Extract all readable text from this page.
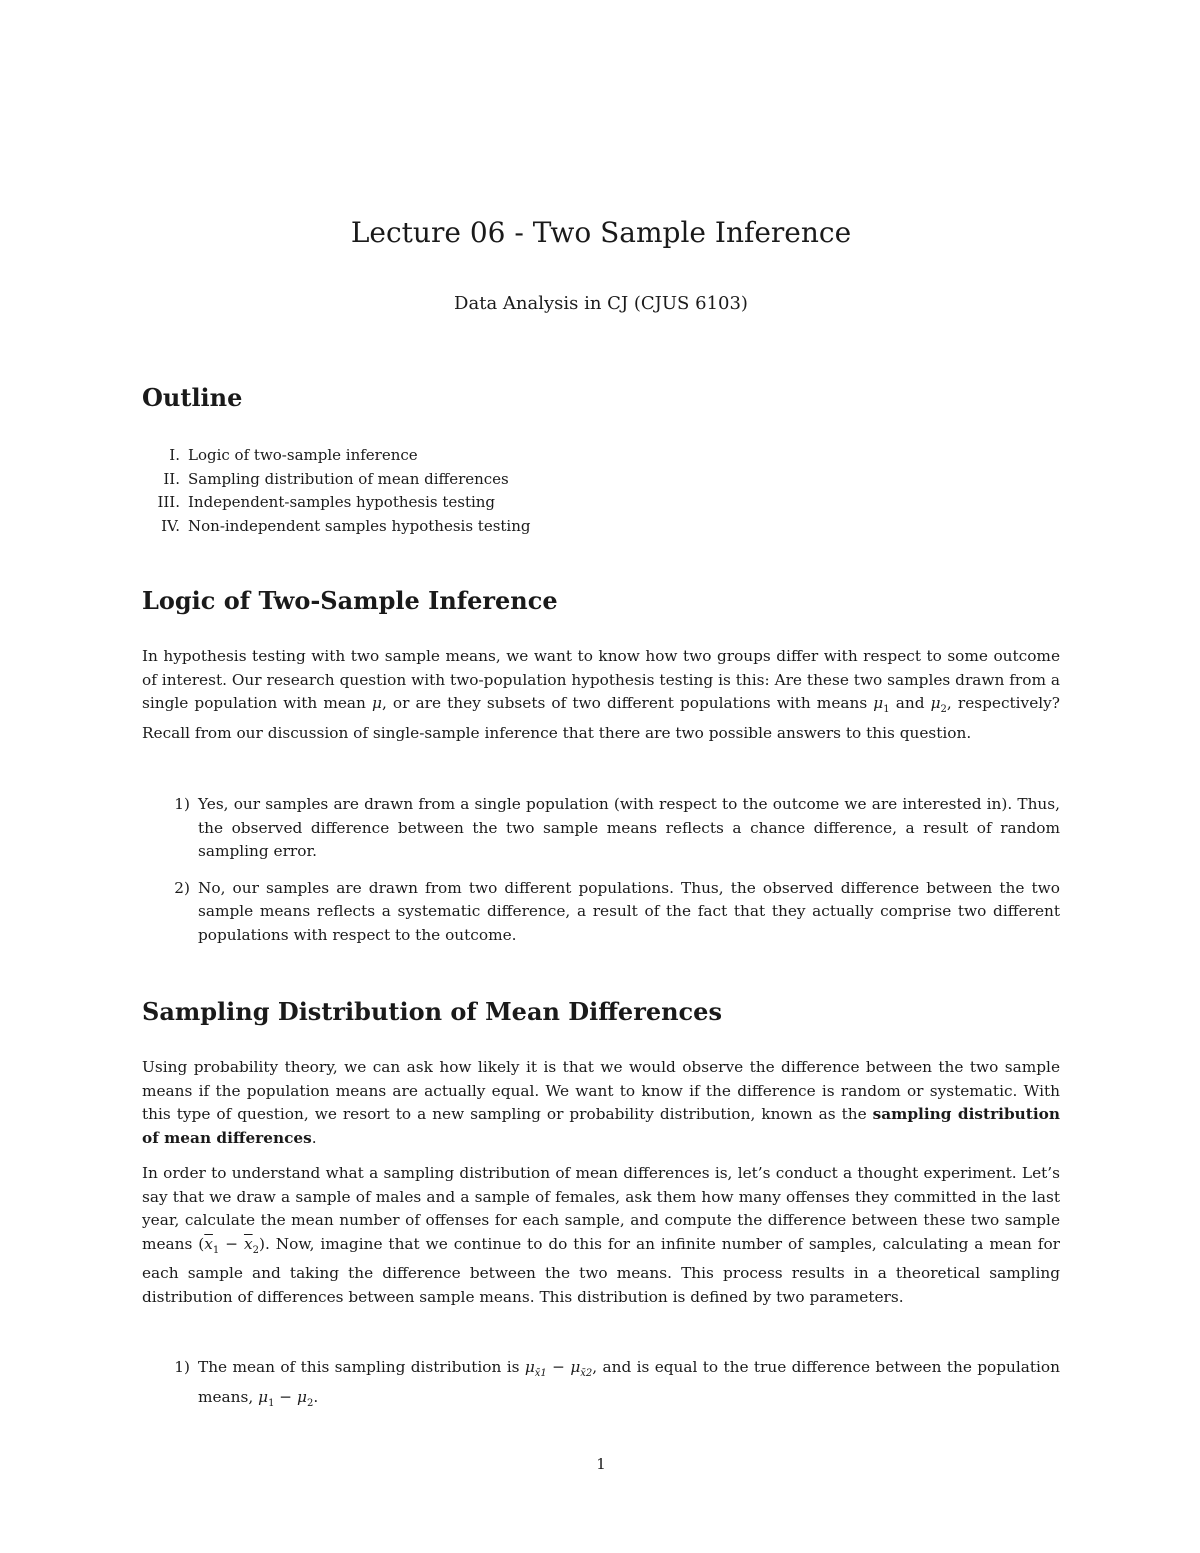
Lecture 06 - Two Sample Inference

Data Analysis in CJ (CJUS 6103)

Outline
I. Logic of two-sample inference
II. Sampling distribution of mean differences
III. Independent-samples hypothesis testing
IV. Non-independent samples hypothesis testing
Logic of Two-Sample Inference

In hypothesis testing with two sample means, we want to know how two groups differ with respect to some outcome of interest. Our research question with two-population hypothesis testing is this: Are these two samples drawn from a single population with mean μ, or are they subsets of two different populations with means $\mu_1$ and $\mu_2$, respectively? Recall from our discussion of single-sample inference that there are two possible answers to this question.

1) Yes, our samples are drawn from a single population (with respect to the outcome we are interested in). Thus, the observed difference between the two sample means reflects a chance difference, a result of random sampling error.
2) No, our samples are drawn from two different populations. Thus, the observed difference between the two sample means reflects a systematic difference, a result of the fact that they actually comprise two different populations with respect to the outcome.
Sampling Distribution of Mean Differences

Using probability theory, we can ask how likely it is that we would observe the difference between the two sample means if the population means are actually equal. We want to know if the difference is random or systematic. With this type of question, we resort to a new sampling or probability distribution, known as the sampling distribution of mean differences.

In order to understand what a sampling distribution of mean differences is, let’s conduct a thought experiment. Let’s say that we draw a sample of males and a sample of females, ask them how many offenses they committed in the last year, calculate the mean number of offenses for each sample, and compute the difference between these two sample means $(\overline{x}_1 - \overline{x}_2)$. Now, imagine that we continue to do this for an infinite number of samples, calculating a mean for each sample and taking the difference between the two means. This process results in a theoretical sampling distribution of differences between sample means. This distribution is defined by two parameters.

1) The mean of this sampling distribution is $\mu_{x̄1} - \mu_{x̄2}$, and is equal to the true difference between the population means, $\mu_1 - \mu_2$.

1
